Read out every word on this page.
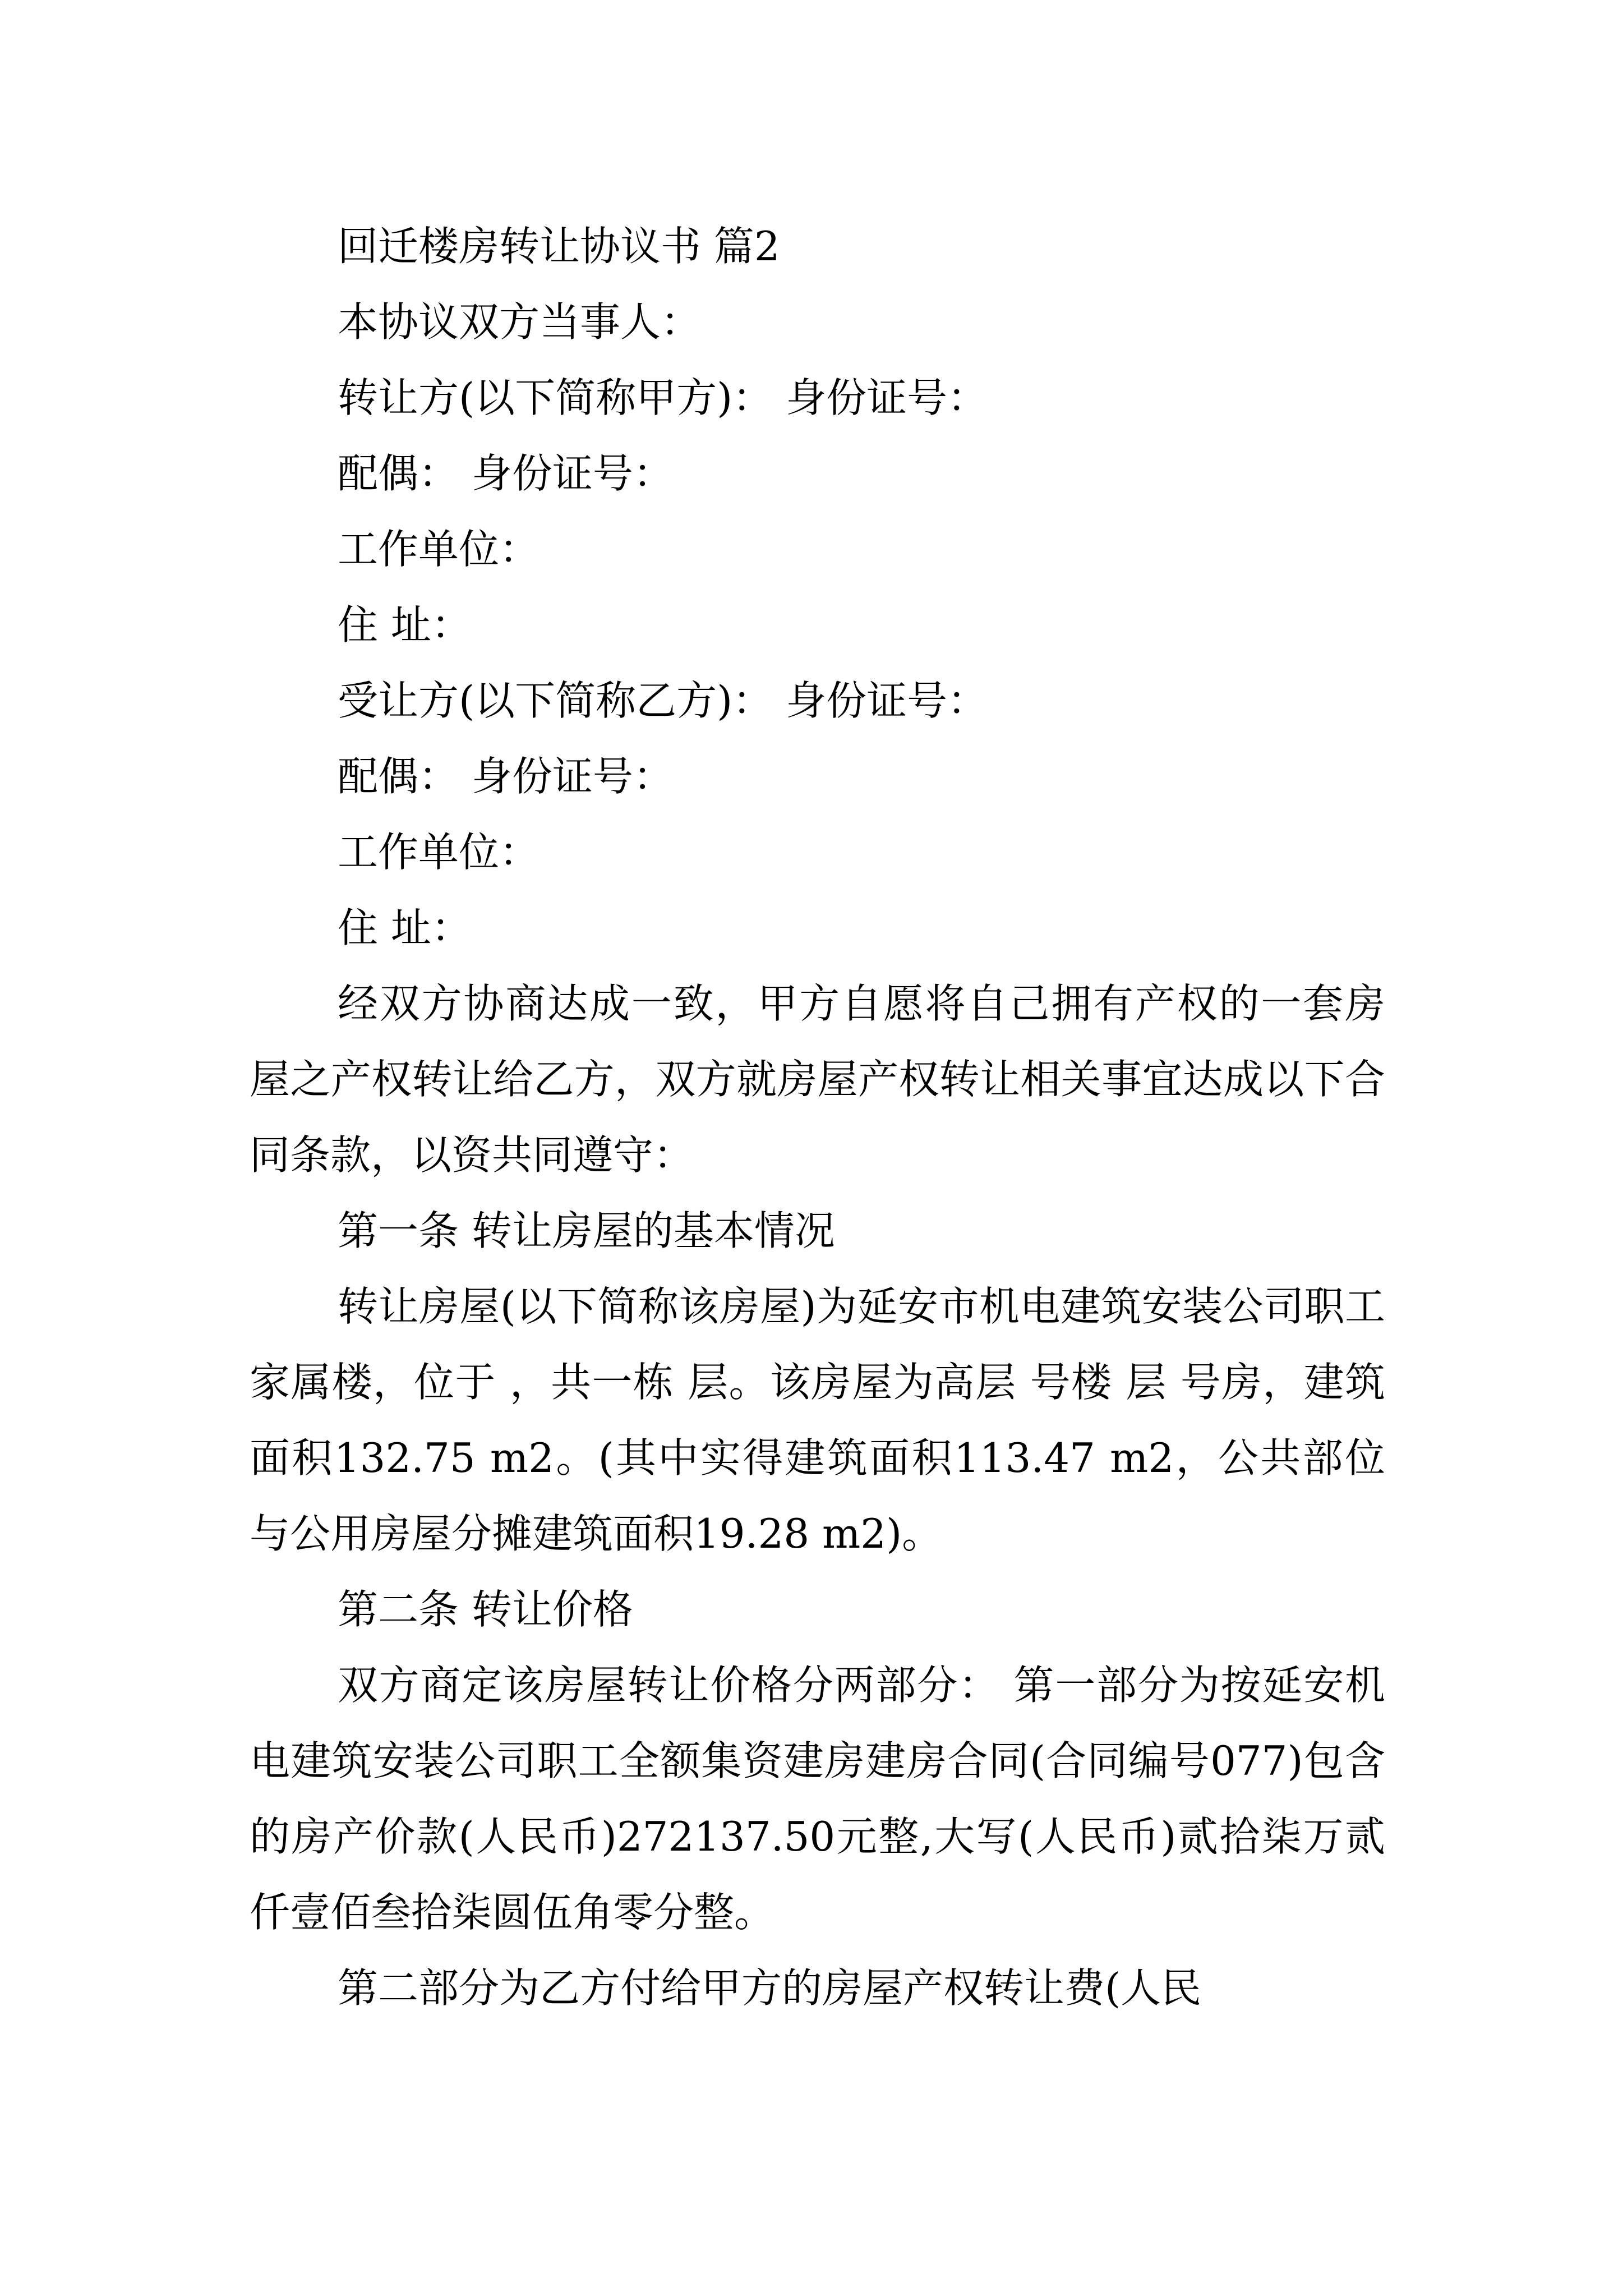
回迁楼房转让协议书 篇2

本协议双方当事人：

转让方(以下简称甲方)： 身份证号：

配偶： 身份证号：

工作单位：

住 址：

受让方(以下简称乙方)： 身份证号：

配偶： 身份证号：

工作单位：

住 址：

经双方协商达成一致，甲方自愿将自己拥有产权的一套房屋之产权转让给乙方，双方就房屋产权转让相关事宜达成以下合同条款，以资共同遵守：

第一条 转让房屋的基本情况

转让房屋(以下简称该房屋)为延安市机电建筑安装公司职工家属楼，位于 ，共一栋 层。该房屋为高层 号楼 层 号房，建筑面积132.75 m2。(其中实得建筑面积113.47 m2，公共部位与公用房屋分摊建筑面积19.28 m2)。

第二条 转让价格

双方商定该房屋转让价格分两部分： 第一部分为按延安机电建筑安装公司职工全额集资建房建房合同(合同编号077)包含的房产价款(人民币)272137.50元整,大写(人民币)贰拾柒万贰仟壹佰叁拾柒圆伍角零分整。

第二部分为乙方付给甲方的房屋产权转让费(人民
